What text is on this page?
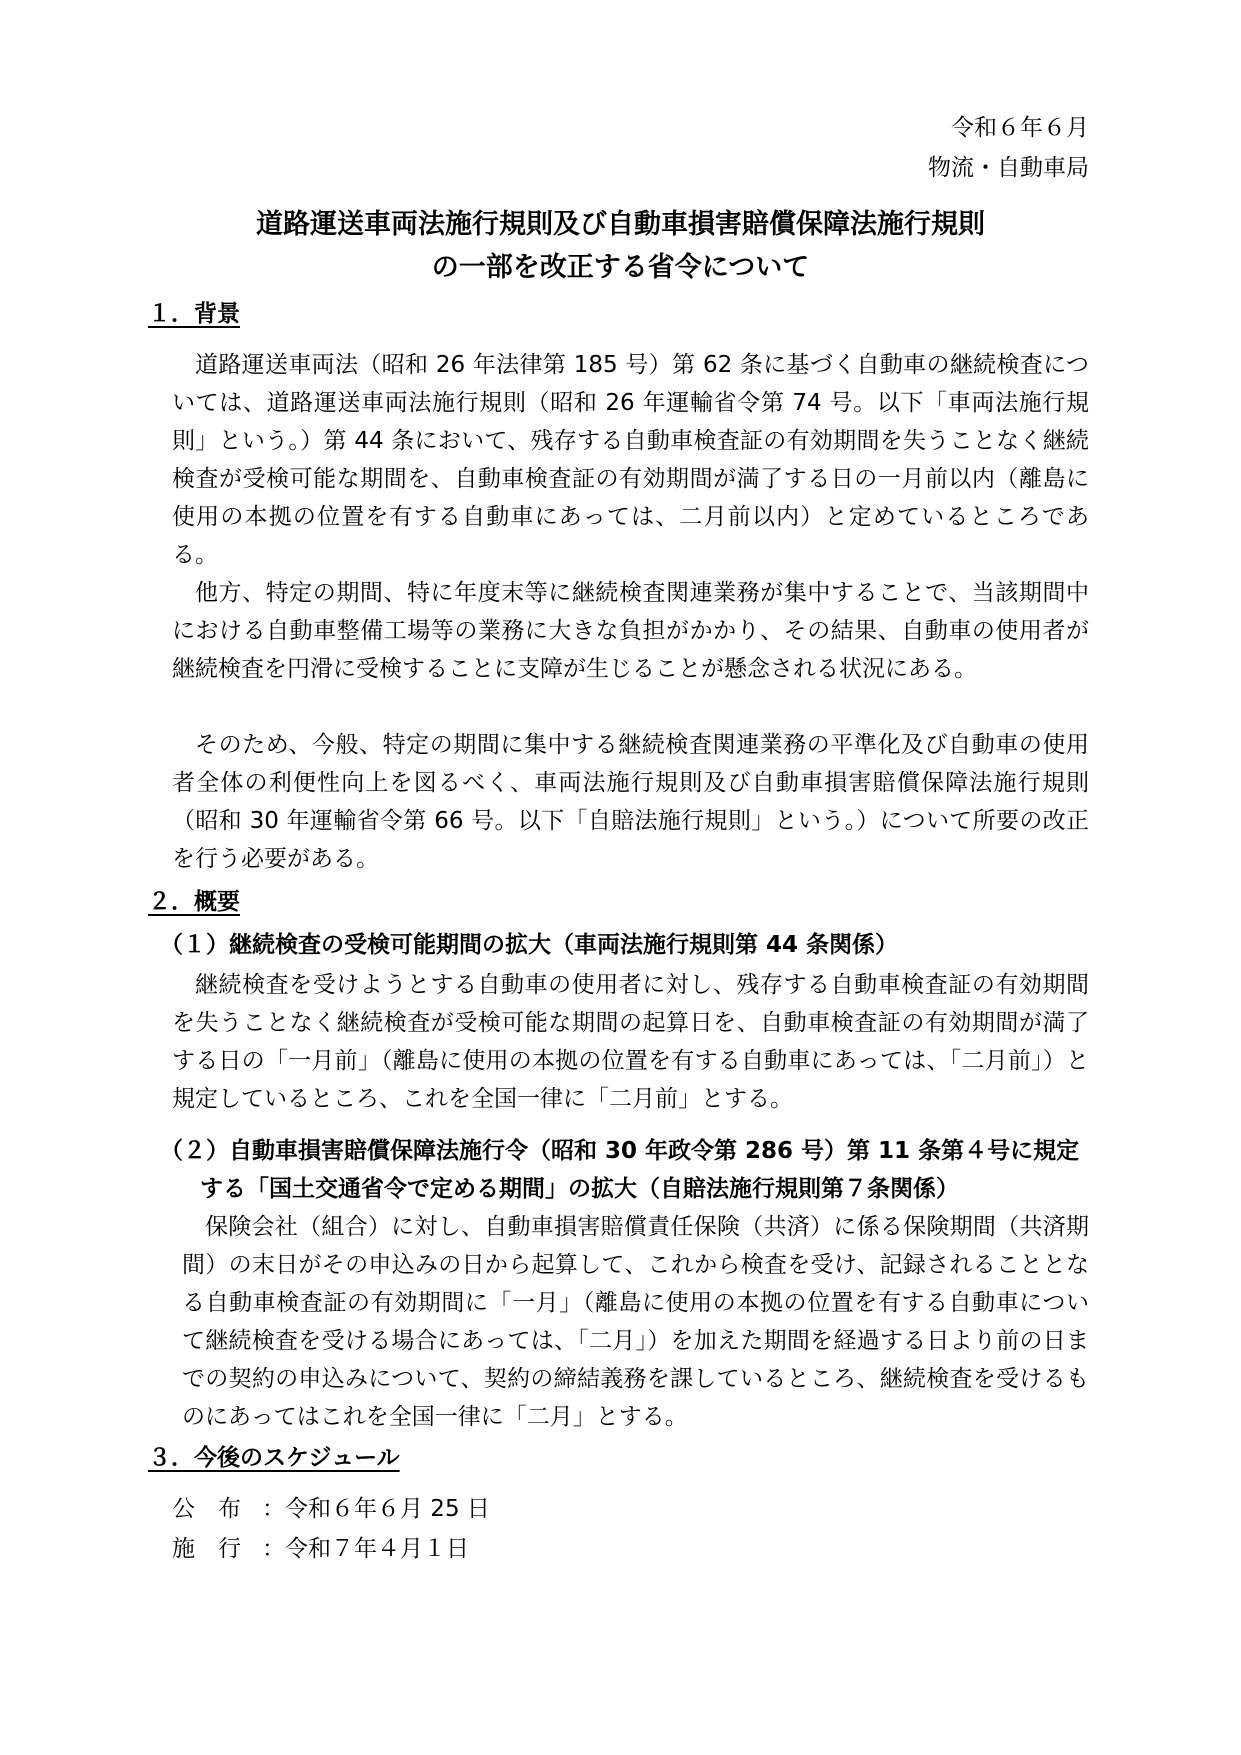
令和６年６月
物流・自動車局
道路運送車両法施行規則及び自動車損害賠償保障法施行規則
の一部を改正する省令について
１．背景
道路運送車両法（昭和 26 年法律第 185 号）第 62 条に基づく自動車の継続検査については、道路運送車両法施行規則（昭和 26 年運輸省令第 74 号。以下「車両法施行規則」という。）第 44 条において、残存する自動車検査証の有効期間を失うことなく継続検査が受検可能な期間を、自動車検査証の有効期間が満了する日の一月前以内（離島に使用の本拠の位置を有する自動車にあっては、二月前以内）と定めているところである。
他方、特定の期間、特に年度末等に継続検査関連業務が集中することで、当該期間中における自動車整備工場等の業務に大きな負担がかかり、その結果、自動車の使用者が継続検査を円滑に受検することに支障が生じることが懸念される状況にある。
そのため、今般、特定の期間に集中する継続検査関連業務の平準化及び自動車の使用者全体の利便性向上を図るべく、車両法施行規則及び自動車損害賠償保障法施行規則（昭和 30 年運輸省令第 66 号。以下「自賠法施行規則」という。）について所要の改正を行う必要がある。
２．概要
（１）継続検査の受検可能期間の拡大（車両法施行規則第 44 条関係）
継続検査を受けようとする自動車の使用者に対し、残存する自動車検査証の有効期間を失うことなく継続検査が受検可能な期間の起算日を、自動車検査証の有効期間が満了する日の「一月前」（離島に使用の本拠の位置を有する自動車にあっては、「二月前」）と規定しているところ、これを全国一律に「二月前」とする。
（２）自動車損害賠償保障法施行令（昭和 30 年政令第 286 号）第 11 条第４号に規定する「国土交通省令で定める期間」の拡大（自賠法施行規則第７条関係）
保険会社（組合）に対し、自動車損害賠償責任保険（共済）に係る保険期間（共済期間）の末日がその申込みの日から起算して、これから検査を受け、記録されることとなる自動車検査証の有効期間に「一月」（離島に使用の本拠の位置を有する自動車について継続検査を受ける場合にあっては、「二月」）を加えた期間を経過する日より前の日までの契約の申込みについて、契約の締結義務を課しているところ、継続検査を受けるものにあってはこれを全国一律に「二月」とする。
３．今後のスケジュール
公　布 ：令和６年６月 25 日
施　行 ：令和７年４月１日
